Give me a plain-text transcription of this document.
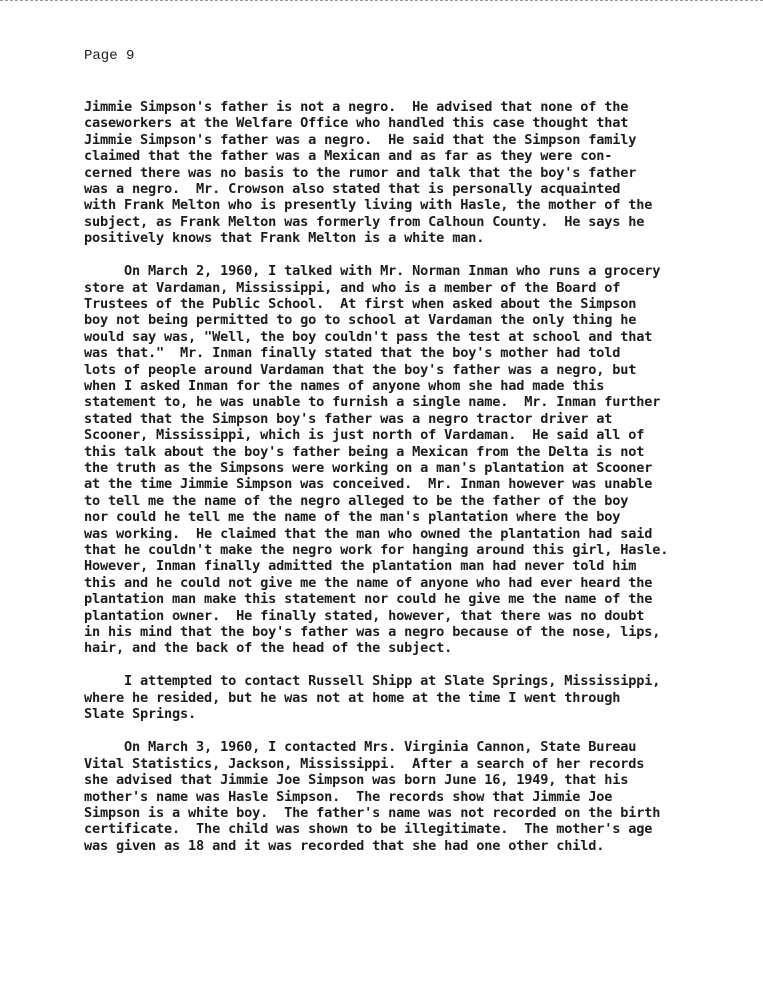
Page 9
Jimmie Simpson's father is not a negro.  He advised that none of the
caseworkers at the Welfare Office who handled this case thought that
Jimmie Simpson's father was a negro.  He said that the Simpson family
claimed that the father was a Mexican and as far as they were con-
cerned there was no basis to the rumor and talk that the boy's father
was a negro.  Mr. Crowson also stated that is personally acquainted
with Frank Melton who is presently living with Hasle, the mother of the
subject, as Frank Melton was formerly from Calhoun County.  He says he
positively knows that Frank Melton is a white man.
On March 2, 1960, I talked with Mr. Norman Inman who runs a grocery
store at Vardaman, Mississippi, and who is a member of the Board of
Trustees of the Public School.  At first when asked about the Simpson
boy not being permitted to go to school at Vardaman the only thing he
would say was, "Well, the boy couldn't pass the test at school and that
was that."  Mr. Inman finally stated that the boy's mother had told
lots of people around Vardaman that the boy's father was a negro, but
when I asked Inman for the names of anyone whom she had made this
statement to, he was unable to furnish a single name.  Mr. Inman further
stated that the Simpson boy's father was a negro tractor driver at
Scooner, Mississippi, which is just north of Vardaman.  He said all of
this talk about the boy's father being a Mexican from the Delta is not
the truth as the Simpsons were working on a man's plantation at Scooner
at the time Jimmie Simpson was conceived.  Mr. Inman however was unable
to tell me the name of the negro alleged to be the father of the boy
nor could he tell me the name of the man's plantation where the boy
was working.  He claimed that the man who owned the plantation had said
that he couldn't make the negro work for hanging around this girl, Hasle.
However, Inman finally admitted the plantation man had never told him
this and he could not give me the name of anyone who had ever heard the
plantation man make this statement nor could he give me the name of the
plantation owner.  He finally stated, however, that there was no doubt
in his mind that the boy's father was a negro because of the nose, lips,
hair, and the back of the head of the subject.
I attempted to contact Russell Shipp at Slate Springs, Mississippi,
where he resided, but he was not at home at the time I went through
Slate Springs.
On March 3, 1960, I contacted Mrs. Virginia Cannon, State Bureau
Vital Statistics, Jackson, Mississippi.  After a search of her records
she advised that Jimmie Joe Simpson was born June 16, 1949, that his
mother's name was Hasle Simpson.  The records show that Jimmie Joe
Simpson is a white boy.  The father's name was not recorded on the birth
certificate.  The child was shown to be illegitimate.  The mother's age
was given as 18 and it was recorded that she had one other child.
